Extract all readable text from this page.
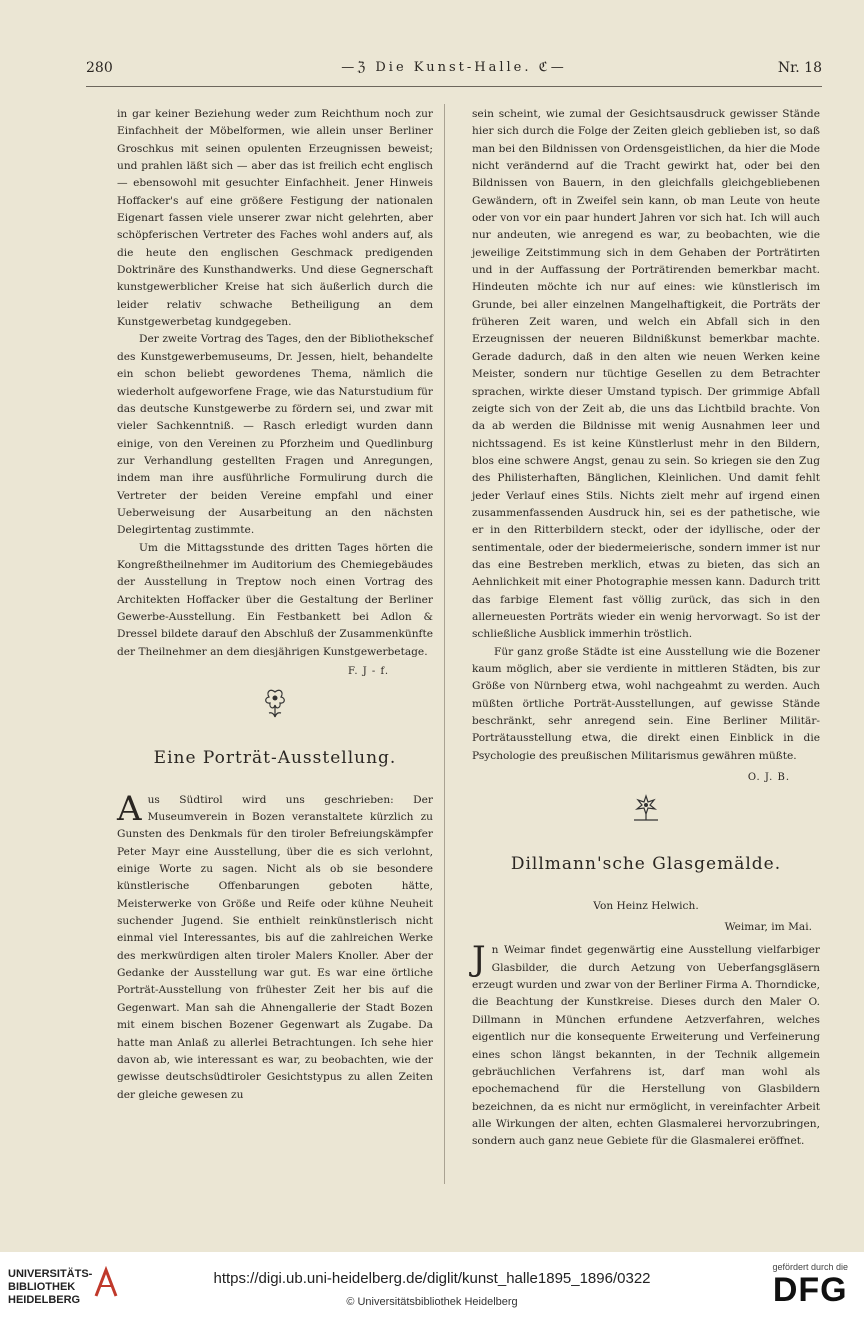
280	—ℨ Die Kunst-Halle. ℭ—	Nr. 18

in gar keiner Beziehung weder zum Reichthum noch zur Einfachheit der Möbelformen, wie allein unser Berliner Groschkus mit seinen opulenten Erzeugnissen beweist; und prahlen läßt sich — aber das ist freilich echt englisch — ebensowohl mit gesuchter Einfachheit. Jener Hinweis Hoffacker's auf eine größere Festigung der nationalen Eigenart fassen viele unserer zwar nicht gelehrten, aber schöpferischen Vertreter des Faches wohl anders auf, als die heute den englischen Geschmack predigenden Doktrinäre des Kunsthandwerks. Und diese Gegnerschaft kunstgewerblicher Kreise hat sich äußerlich durch die leider relativ schwache Betheiligung an dem Kunstgewerbetag kundgegeben.

Der zweite Vortrag des Tages, den der Bibliothekschef des Kunstgewerbemuseums, Dr. Jessen, hielt, behandelte ein schon beliebt gewordenes Thema, nämlich die wiederholt aufgeworfene Frage, wie das Naturstudium für das deutsche Kunstgewerbe zu fördern sei, und zwar mit vieler Sachkenntniß. — Rasch erledigt wurden dann einige, von den Vereinen zu Pforzheim und Quedlinburg zur Verhandlung gestellten Fragen und Anregungen, indem man ihre ausführliche Formulirung durch die Vertreter der beiden Vereine empfahl und einer Ueberweisung der Ausarbeitung an den nächsten Delegirtentag zustimmte.

Um die Mittagsstunde des dritten Tages hörten die Kongreßtheilnehmer im Auditorium des Chemiegebäudes der Ausstellung in Treptow noch einen Vortrag des Architekten Hoffacker über die Gestaltung der Berliner Gewerbe-Ausstellung. Ein Festbankett bei Adlon & Dressel bildete darauf den Abschluß der Zusammenkünfte der Theilnehmer an dem diesjährigen Kunstgewerbetage.

F. J - f.

Eine Porträt-Ausstellung.

Aus Südtirol wird uns geschrieben: Der Museumverein in Bozen veranstaltete kürzlich zu Gunsten des Denkmals für den tiroler Befreiungskämpfer Peter Mayr eine Ausstellung, über die es sich verlohnt, einige Worte zu sagen. Nicht als ob sie besondere künstlerische Offenbarungen geboten hätte, Meisterwerke von Größe und Reife oder kühne Neuheit suchender Jugend. Sie enthielt reinkünstlerisch nicht einmal viel Interessantes, bis auf die zahlreichen Werke des merkwürdigen alten tiroler Malers Knoller. Aber der Gedanke der Ausstellung war gut. Es war eine örtliche Porträt-Ausstellung von frühester Zeit her bis auf die Gegenwart. Man sah die Ahnengallerie der Stadt Bozen mit einem bischen Bozener Gegenwart als Zugabe. Da hatte man Anlaß zu allerlei Betrachtungen. Ich sehe hier davon ab, wie interessant es war, zu beobachten, wie der gewisse deutschsüdtiroler Gesichtstypus zu allen Zeiten der gleiche gewesen zu

sein scheint, wie zumal der Gesichtsausdruck gewisser Stände hier sich durch die Folge der Zeiten gleich geblieben ist, so daß man bei den Bildnissen von Ordensgeistlichen, da hier die Mode nicht verändernd auf die Tracht gewirkt hat, oder bei den Bildnissen von Bauern, in den gleichfalls gleichgebliebenen Gewändern, oft in Zweifel sein kann, ob man Leute von heute oder von vor ein paar hundert Jahren vor sich hat. Ich will auch nur andeuten, wie anregend es war, zu beobachten, wie die jeweilige Zeitstimmung sich in dem Gehaben der Porträtirten und in der Auffassung der Porträtirenden bemerkbar macht. Hindeuten möchte ich nur auf eines: wie künstlerisch im Grunde, bei aller einzelnen Mangelhaftigkeit, die Porträts der früheren Zeit waren, und welch ein Abfall sich in den Erzeugnissen der neueren Bildnißkunst bemerkbar machte. Gerade dadurch, daß in den alten wie neuen Werken keine Meister, sondern nur tüchtige Gesellen zu dem Betrachter sprachen, wirkte dieser Umstand typisch. Der grimmige Abfall zeigte sich von der Zeit ab, die uns das Lichtbild brachte. Von da ab werden die Bildnisse mit wenig Ausnahmen leer und nichtssagend. Es ist keine Künstlerlust mehr in den Bildern, blos eine schwere Angst, genau zu sein. So kriegen sie den Zug des Philisterhaften, Bänglichen, Kleinlichen. Und damit fehlt jeder Verlauf eines Stils. Nichts zielt mehr auf irgend einen zusammenfassenden Ausdruck hin, sei es der pathetische, wie er in den Ritterbildern steckt, oder der idyllische, oder der sentimentale, oder der biedermeierische, sondern immer ist nur das eine Bestreben merklich, etwas zu bieten, das sich an Aehnlichkeit mit einer Photographie messen kann. Dadurch tritt das farbige Element fast völlig zurück, das sich in den allerneuesten Porträts wieder ein wenig hervorwagt. So ist der schließliche Ausblick immerhin tröstlich.

Für ganz große Städte ist eine Ausstellung wie die Bozener kaum möglich, aber sie verdiente in mittleren Städten, bis zur Größe von Nürnberg etwa, wohl nachgeahmt zu werden. Auch müßten örtliche Porträt-Ausstellungen, auf gewisse Stände beschränkt, sehr anregend sein. Eine Berliner Militär-Porträtausstellung etwa, die direkt einen Einblick in die Psychologie des preußischen Militarismus gewähren müßte.

O. J. B.

Dillmann'sche Glasgemälde.

Von Heinz Helwich.

Weimar, im Mai.

Jn Weimar findet gegenwärtig eine Ausstellung vielfarbiger Glasbilder, die durch Aetzung von Ueberfangsgläsern erzeugt wurden und zwar von der Berliner Firma A. Thorndicke, die Beachtung der Kunstkreise. Dieses durch den Maler O. Dillmann in München erfundene Aetzverfahren, welches eigentlich nur die konsequente Erweiterung und Verfeinerung eines schon längst bekannten, in der Technik allgemein gebräuchlichen Verfahrens ist, darf man wohl als epochemachend für die Herstellung von Glasbildern bezeichnen, da es nicht nur ermöglicht, in vereinfachter Arbeit alle Wirkungen der alten, echten Glasmalerei hervorzubringen, sondern auch ganz neue Gebiete für die Glasmalerei eröffnet.

UNIVERSITÄTS-
BIBLIOTHEK
HEIDELBERG
https://digi.ub.uni-heidelberg.de/diglit/kunst_halle1895_1896/0322
© Universitätsbibliothek Heidelberg
gefördert durch die
DFG
